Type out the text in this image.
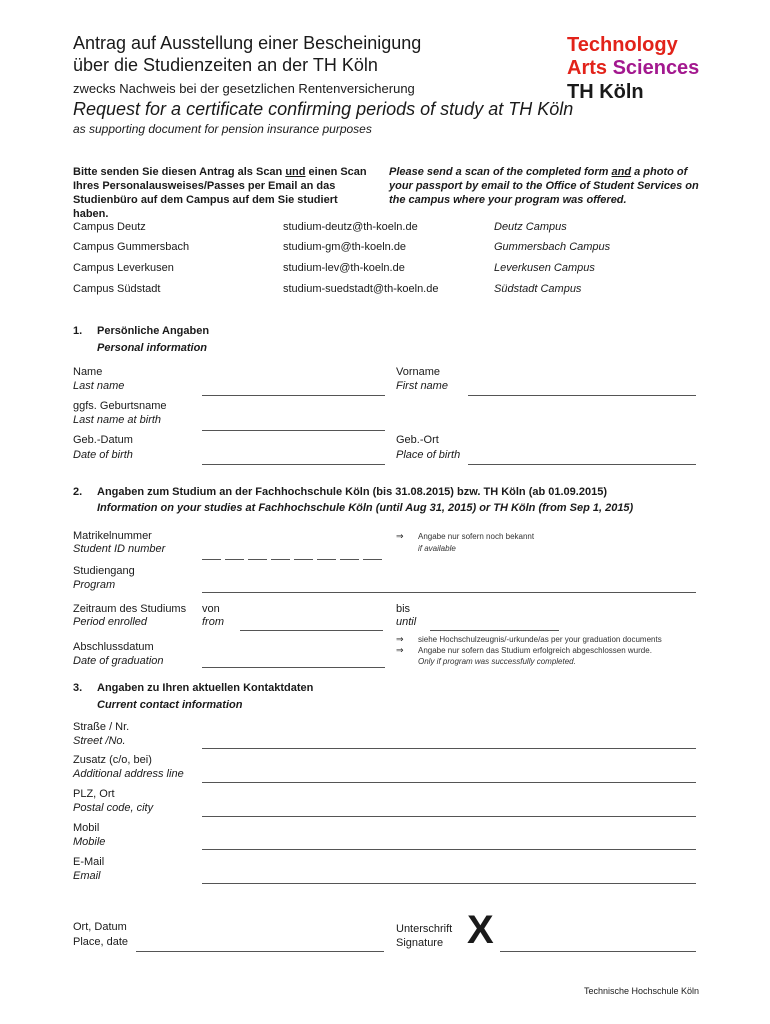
Antrag auf Ausstellung einer Bescheinigung
über die Studienzeiten an der TH Köln
zwecks Nachweis bei der gesetzlichen Rentenversicherung
Request for a certificate confirming periods of study at TH Köln
as supporting document for pension insurance purposes
Technology
Arts Sciences
TH Köln
Bitte senden Sie diesen Antrag als Scan und einen Scan Ihres Personalausweises/Passes per Email an das Studienbüro auf dem Campus auf dem Sie studiert haben.
Please send a scan of the completed form and a photo of your passport by email to the Office of Student Services on the campus where your program was offered.
Campus Deutz	studium-deutz@th-koeln.de	Deutz Campus
Campus Gummersbach	studium-gm@th-koeln.de	Gummersbach Campus
Campus Leverkusen	studium-lev@th-koeln.de	Leverkusen Campus
Campus Südstadt	studium-suedstadt@th-koeln.de	Südstadt Campus
1. Persönliche Angaben
Personal information
Name
Last name
Vorname
First name
ggfs. Geburtsname
Last name at birth
Geb.-Datum
Date of birth
Geb.-Ort
Place of birth
2. Angaben zum Studium an der Fachhochschule Köln (bis 31.08.2015) bzw. TH Köln (ab 01.09.2015)
Information on your studies at Fachhochschule Köln (until Aug 31, 2015) or TH Köln (from Sep 1, 2015)
Matrikelnummer
Student ID number
⇒ Angabe nur sofern noch bekannt
if available
Studiengang
Program
Zeitraum des Studiums
Period enrolled
von
from
bis
until
Abschlussdatum
Date of graduation
⇒ siehe Hochschulzeugnis/-urkunde/as per your graduation documents
⇒ Angabe nur sofern das Studium erfolgreich abgeschlossen wurde.
Only if program was successfully completed.
3. Angaben zu Ihren aktuellen Kontaktdaten
Current contact information
Straße / Nr.
Street /No.
Zusatz (c/o, bei)
Additional address line
PLZ, Ort
Postal code, city
Mobil
Mobile
E-Mail
Email
Ort, Datum
Place, date
Unterschrift
Signature X
Technische Hochschule Köln
